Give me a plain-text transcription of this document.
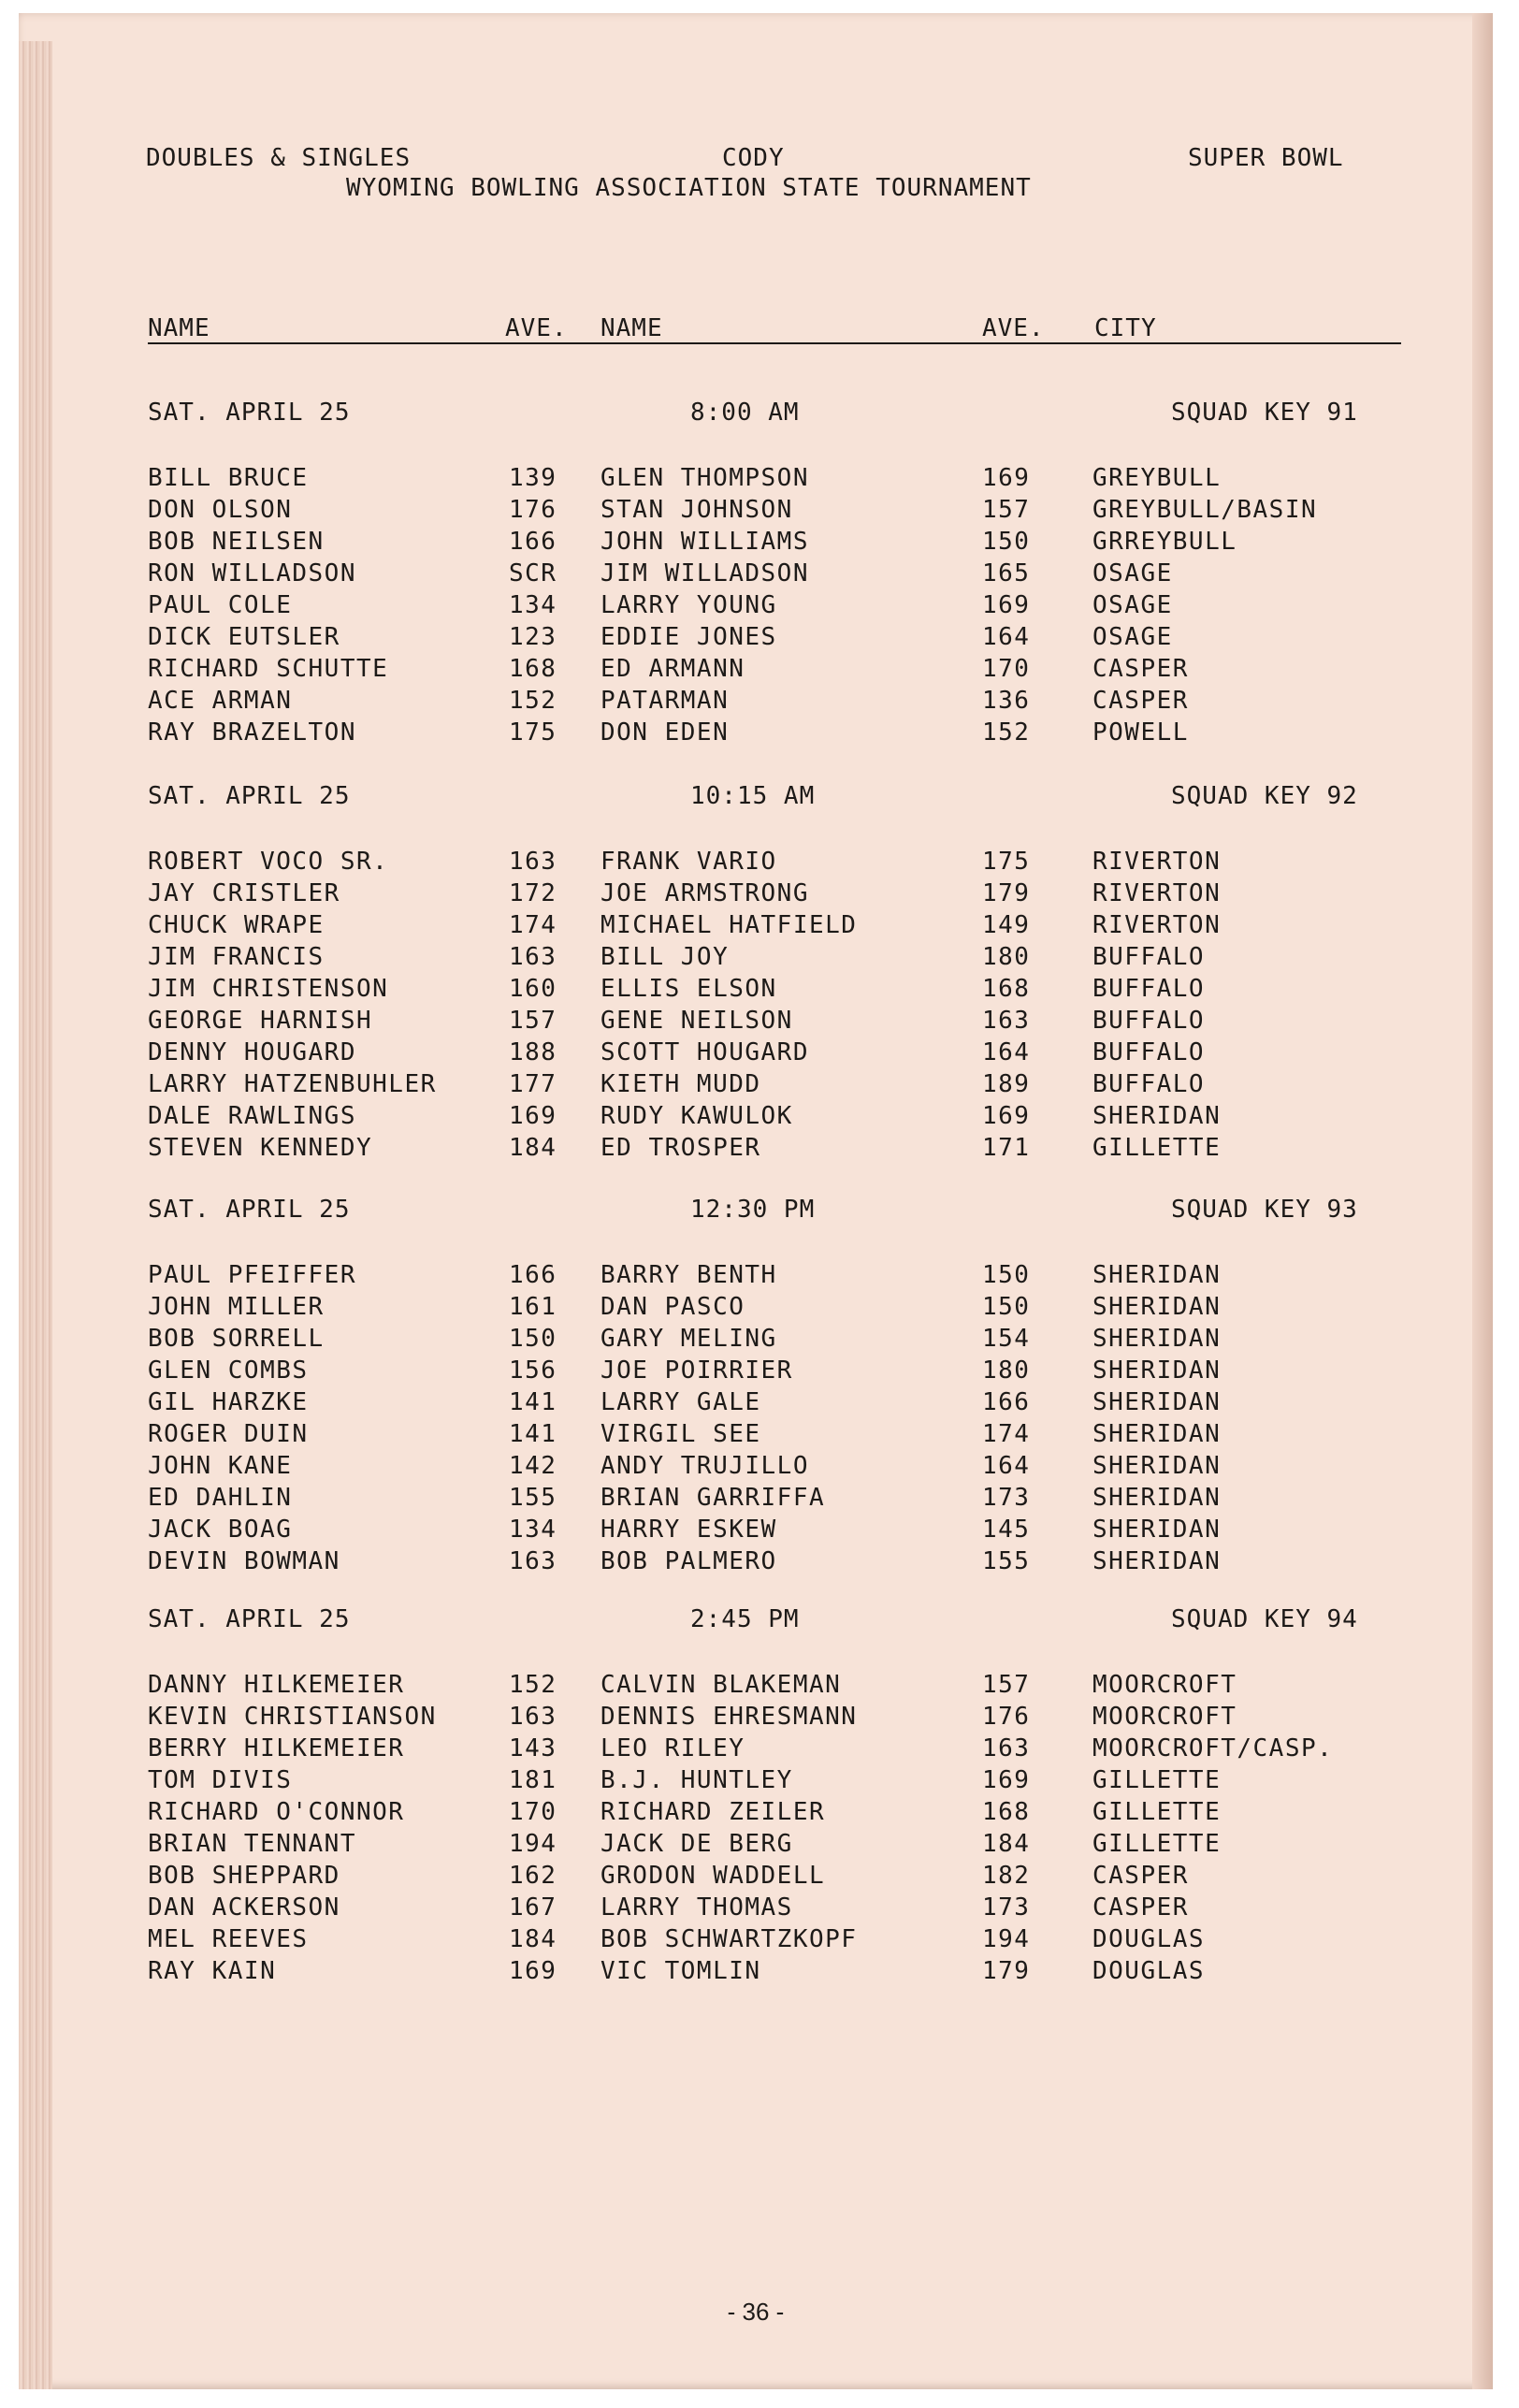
DOUBLES & SINGLES	CODY	SUPER BOWL
WYOMING BOWLING ASSOCIATION STATE TOURNAMENT
NAME	AVE. NAME	AVE. CITY
SAT. APRIL 25	8:00 AM	SQUAD KEY 91
BILL BRUCE	139 GLEN THOMPSON	169	GREYBULL
DON OLSON	176 STAN JOHNSON	157	GREYBULL/BASIN
BOB NEILSEN	166 JOHN WILLIAMS	150	GRREYBULL
RON WILLADSON	SCR JIM WILLADSON	165	OSAGE
PAUL COLE	134 LARRY YOUNG	169	OSAGE
DICK EUTSLER	123 EDDIE JONES	164	OSAGE
RICHARD SCHUTTE	168 ED ARMANN	170	CASPER
ACE ARMAN	152 PATARMAN	136	CASPER
RAY BRAZELTON	175 DON EDEN	152	POWELL
SAT. APRIL 25	10:15 AM	SQUAD KEY 92
ROBERT VOCO SR.	163 FRANK VARIO	175	RIVERTON
JAY CRISTLER	172 JOE ARMSTRONG	179	RIVERTON
CHUCK WRAPE	174 MICHAEL HATFIELD	149	RIVERTON
JIM FRANCIS	163 BILL JOY	180	BUFFALO
JIM CHRISTENSON	160 ELLIS ELSON	168	BUFFALO
GEORGE HARNISH	157 GENE NEILSON	163	BUFFALO
DENNY HOUGARD	188 SCOTT HOUGARD	164	BUFFALO
LARRY HATZENBUHLER	177 KIETH MUDD	189	BUFFALO
DALE RAWLINGS	169 RUDY KAWULOK	169	SHERIDAN
STEVEN KENNEDY	184 ED TROSPER	171	GILLETTE
SAT. APRIL 25	12:30 PM	SQUAD KEY 93
PAUL PFEIFFER	166 BARRY BENTH	150	SHERIDAN
JOHN MILLER	161 DAN PASCO	150	SHERIDAN
BOB SORRELL	150 GARY MELING	154	SHERIDAN
GLEN COMBS	156 JOE POIRRIER	180	SHERIDAN
GIL HARZKE	141 LARRY GALE	166	SHERIDAN
ROGER DUIN	141 VIRGIL SEE	174	SHERIDAN
JOHN KANE	142 ANDY TRUJILLO	164	SHERIDAN
ED DAHLIN	155 BRIAN GARRIFFA	173	SHERIDAN
JACK BOAG	134 HARRY ESKEW	145	SHERIDAN
DEVIN BOWMAN	163 BOB PALMERO	155	SHERIDAN
SAT. APRIL 25	2:45 PM	SQUAD KEY 94
DANNY HILKEMEIER	152 CALVIN BLAKEMAN	157	MOORCROFT
KEVIN CHRISTIANSON	163 DENNIS EHRESMANN	176	MOORCROFT
BERRY HILKEMEIER	143 LEO RILEY	163	MOORCROFT/CASP.
TOM DIVIS	181 B.J. HUNTLEY	169	GILLETTE
RICHARD O'CONNOR	170 RICHARD ZEILER	168	GILLETTE
BRIAN TENNANT	194 JACK DE BERG	184	GILLETTE
BOB SHEPPARD	162 GRODON WADDELL	182	CASPER
DAN ACKERSON	167 LARRY THOMAS	173	CASPER
MEL REEVES	184 BOB SCHWARTZKOPF	194	DOUGLAS
RAY KAIN	169 VIC TOMLIN	179	DOUGLAS
- 36 -
